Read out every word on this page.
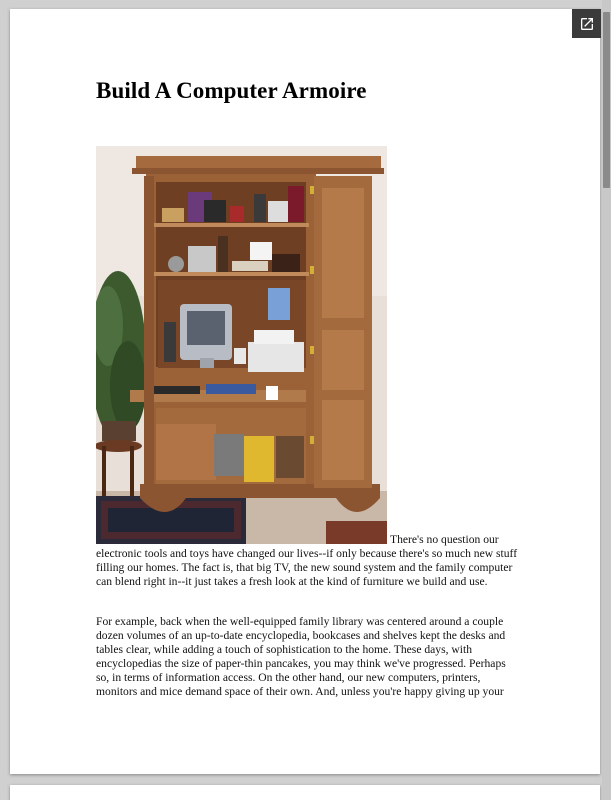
Build A Computer Armoire

There's no question our electronic tools and toys have changed our lives--if only because there's so much new stuff filling our homes. The fact is, that big TV, the new sound system and the family computer can blend right in--it just takes a fresh look at the kind of furniture we build and use.

For example, back when the well-equipped family library was centered around a couple dozen volumes of an up-to-date encyclopedia, bookcases and shelves kept the desks and tables clear, while adding a touch of sophistication to the home. These days, with encyclopedias the size of paper-thin pancakes, you may think we've progressed. Perhaps so, in terms of information access. On the other hand, our new computers, printers, monitors and mice demand space of their own. And, unless you're happy giving up your
